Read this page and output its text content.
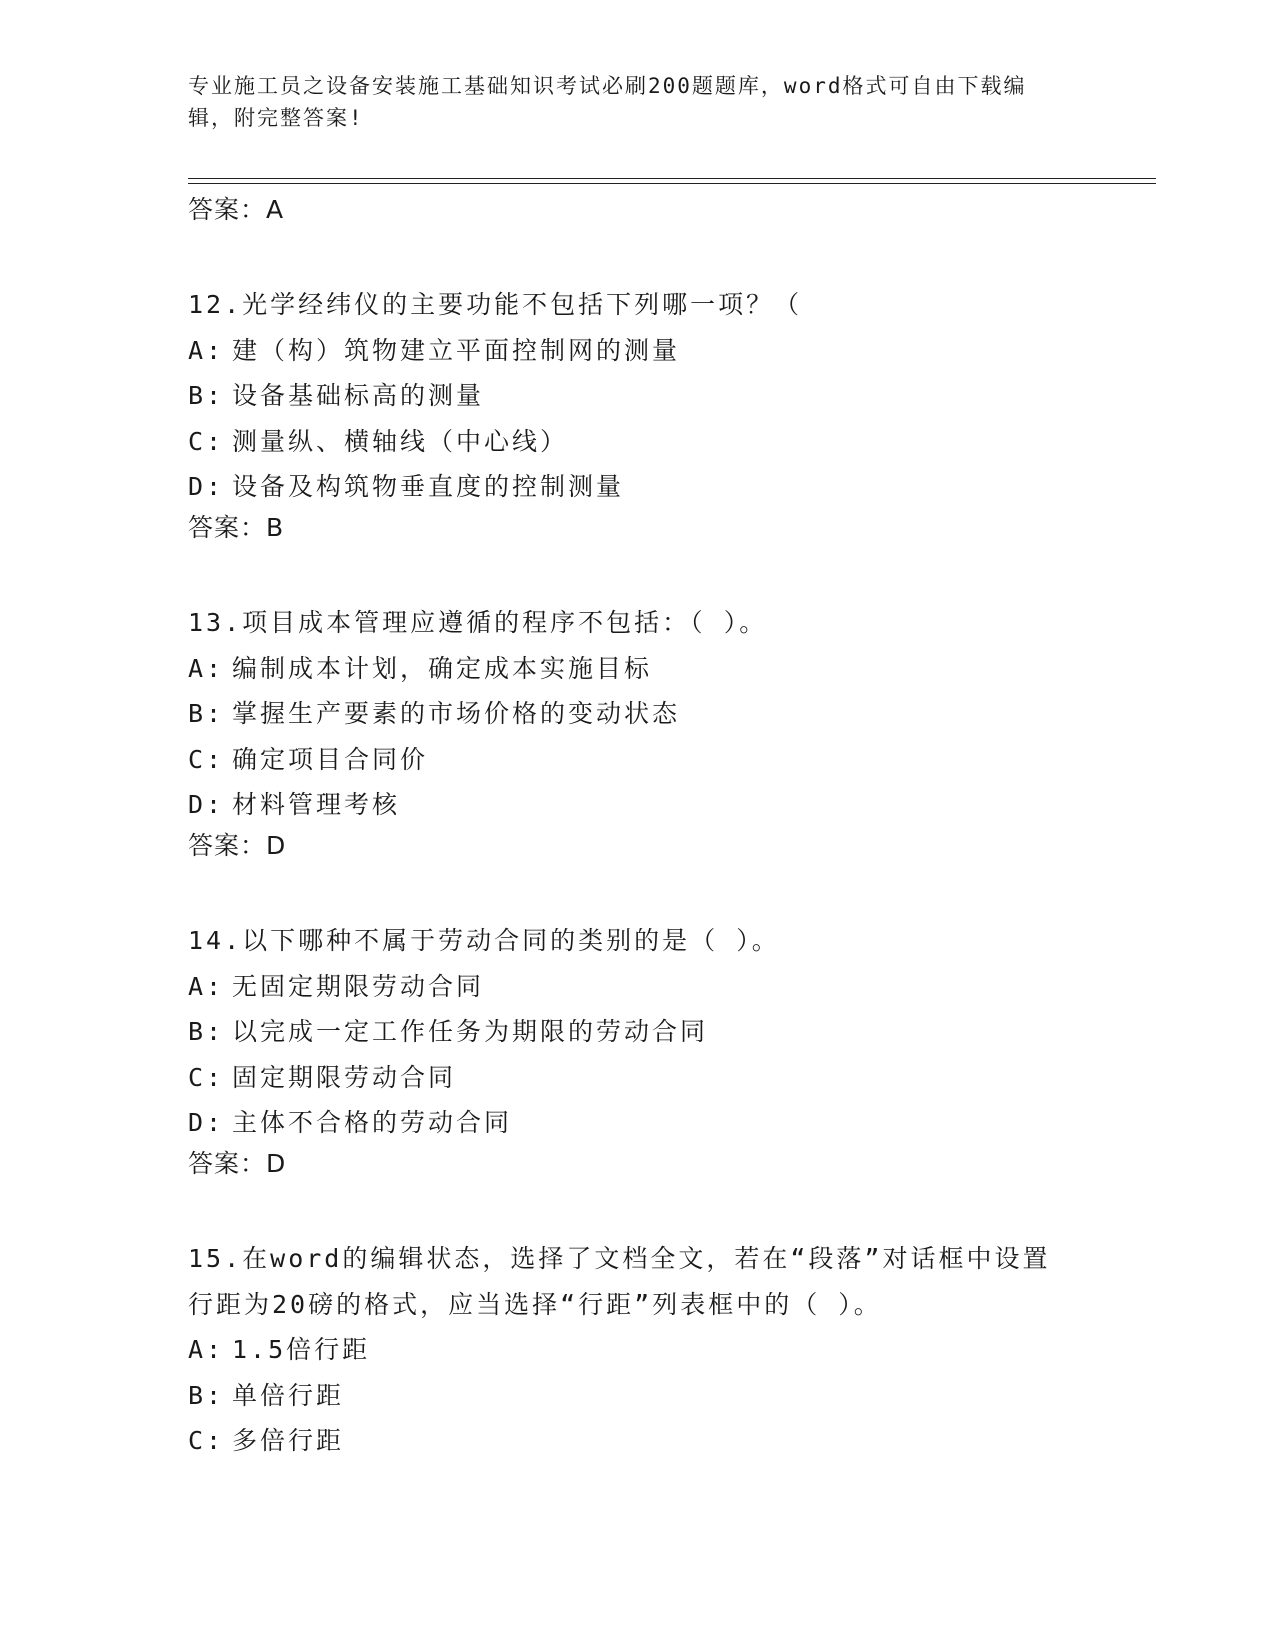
专业施工员之设备安装施工基础知识考试必刷200题题库，word格式可自由下载编辑，附完整答案!

答案：A

12.光学经纬仪的主要功能不包括下列哪一项？（

A: 建（构）筑物建立平面控制网的测量

B: 设备基础标高的测量

C: 测量纵、横轴线（中心线）

D: 设备及构筑物垂直度的控制测量

答案：B

13.项目成本管理应遵循的程序不包括：（ ）。

A: 编制成本计划，确定成本实施目标

B: 掌握生产要素的市场价格的变动状态

C: 确定项目合同价

D: 材料管理考核

答案：D

14.以下哪种不属于劳动合同的类别的是（ ）。

A: 无固定期限劳动合同

B: 以完成一定工作任务为期限的劳动合同

C: 固定期限劳动合同

D: 主体不合格的劳动合同

答案：D

15.在word的编辑状态，选择了文档全文，若在“段落”对话框中设置行距为20磅的格式，应当选择“行距”列表框中的（ ）。

A: 1.5倍行距

B: 单倍行距

C: 多倍行距
